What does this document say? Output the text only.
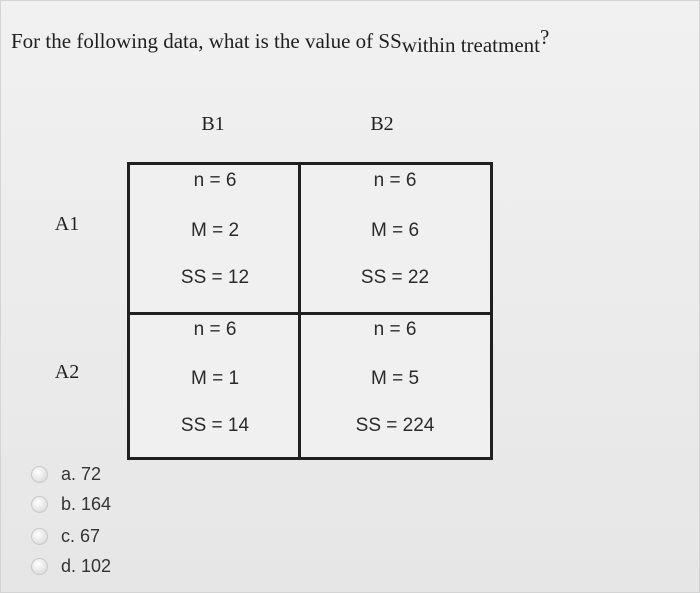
For the following data, what is the value of SSwithin treatment?
B1	B2
A1
A2
n = 6
M = 2
SS = 12
n = 6
M = 6
SS = 22
n = 6
M = 1
SS = 14
n = 6
M = 5
SS = 224
a. 72
b. 164
c. 67
d. 102
